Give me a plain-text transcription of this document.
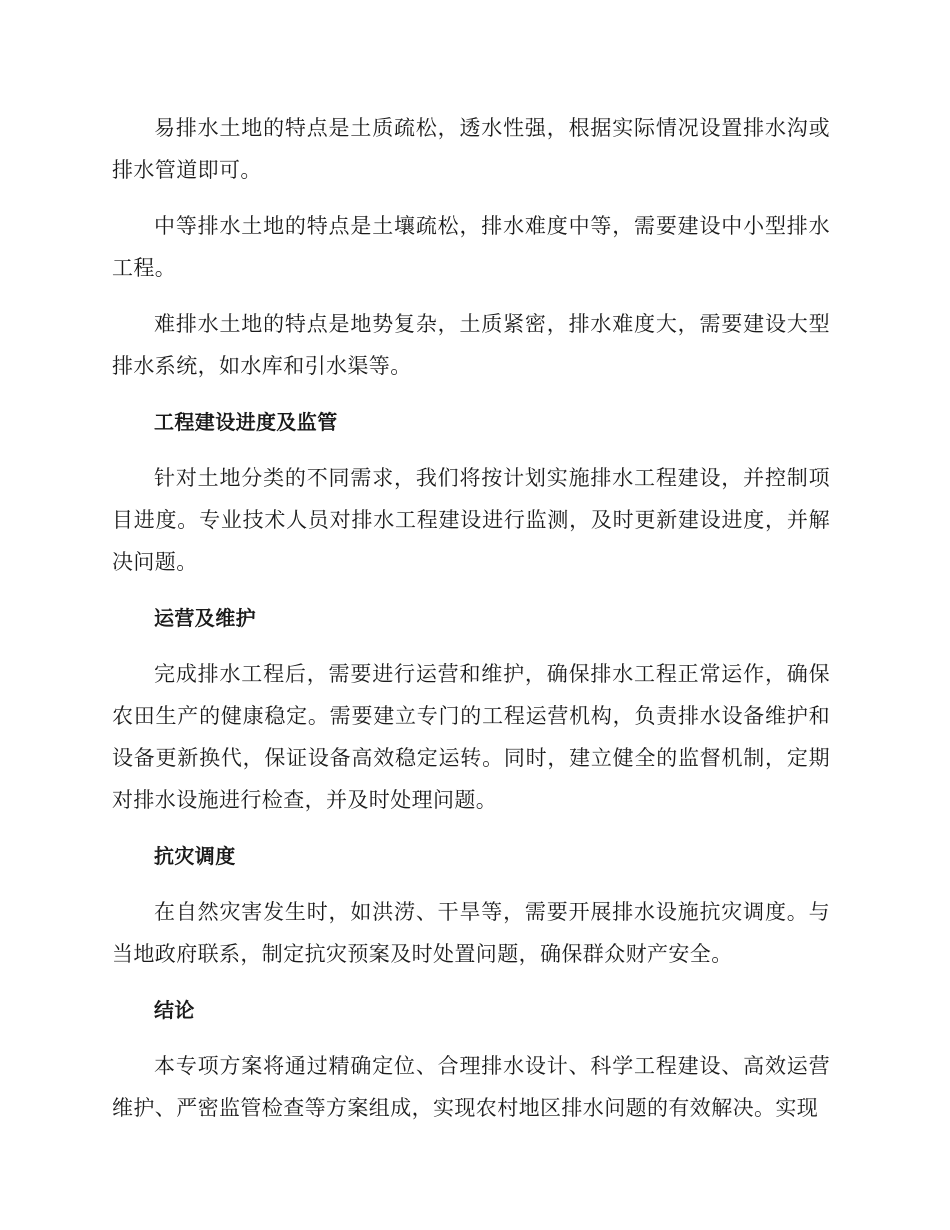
易排水土地的特点是土质疏松，透水性强，根据实际情况设置排水沟或排水管道即可。

中等排水土地的特点是土壤疏松，排水难度中等，需要建设中小型排水工程。

难排水土地的特点是地势复杂，土质紧密，排水难度大，需要建设大型排水系统，如水库和引水渠等。

工程建设进度及监管

针对土地分类的不同需求，我们将按计划实施排水工程建设，并控制项目进度。专业技术人员对排水工程建设进行监测，及时更新建设进度，并解决问题。

运营及维护

完成排水工程后，需要进行运营和维护，确保排水工程正常运作，确保农田生产的健康稳定。需要建立专门的工程运营机构，负责排水设备维护和设备更新换代，保证设备高效稳定运转。同时，建立健全的监督机制，定期对排水设施进行检查，并及时处理问题。

抗灾调度

在自然灾害发生时，如洪涝、干旱等，需要开展排水设施抗灾调度。与当地政府联系，制定抗灾预案及时处置问题，确保群众财产安全。

结论

本专项方案将通过精确定位、合理排水设计、科学工程建设、高效运营维护、严密监管检查等方案组成，实现农村地区排水问题的有效解决。实现
